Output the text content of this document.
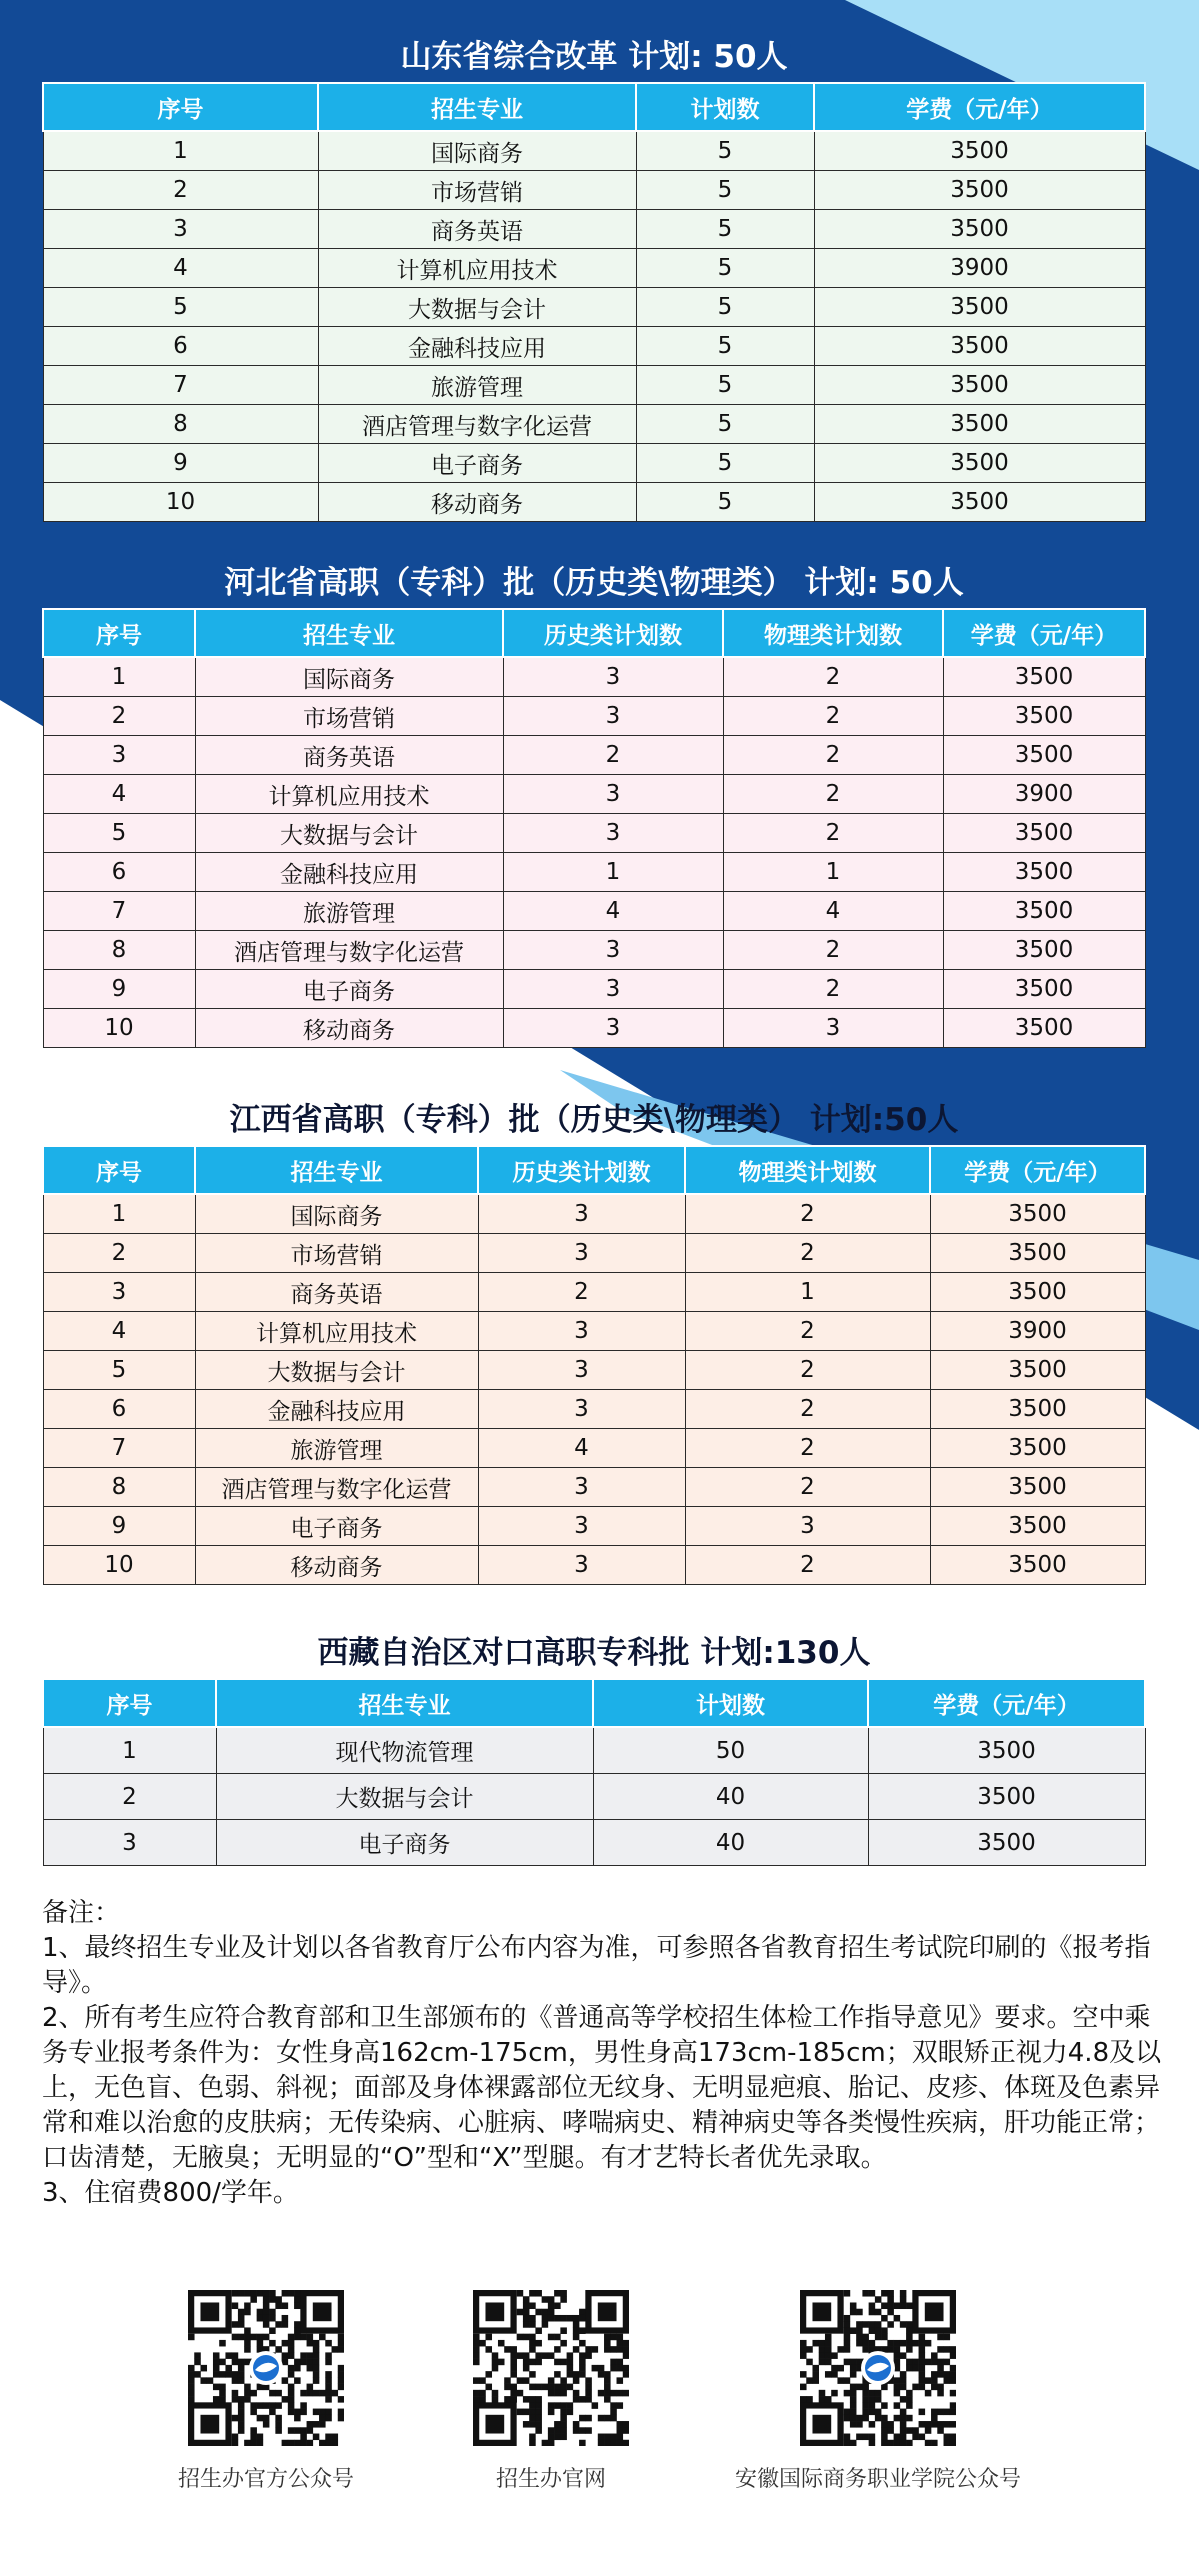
山东省综合改革 计划: 50人
序号	招生专业	计划数	学费（元/年）
1	国际商务	5	3500
2	市场营销	5	3500
3	商务英语	5	3500
4	计算机应用技术	5	3900
5	大数据与会计	5	3500
6	金融科技应用	5	3500
7	旅游管理	5	3500
8	酒店管理与数字化运营	5	3500
9	电子商务	5	3500
10	移动商务	5	3500
河北省高职（专科）批（历史类\物理类） 计划: 50人
序号	招生专业	历史类计划数	物理类计划数	学费（元/年）
1	国际商务	3	2	3500
2	市场营销	3	2	3500
3	商务英语	2	2	3500
4	计算机应用技术	3	2	3900
5	大数据与会计	3	2	3500
6	金融科技应用	1	1	3500
7	旅游管理	4	4	3500
8	酒店管理与数字化运营	3	2	3500
9	电子商务	3	2	3500
10	移动商务	3	3	3500
江西省高职（专科）批（历史类\物理类） 计划:50人
序号	招生专业	历史类计划数	物理类计划数	学费（元/年）
1	国际商务	3	2	3500
2	市场营销	3	2	3500
3	商务英语	2	1	3500
4	计算机应用技术	3	2	3900
5	大数据与会计	3	2	3500
6	金融科技应用	3	2	3500
7	旅游管理	4	2	3500
8	酒店管理与数字化运营	3	2	3500
9	电子商务	3	3	3500
10	移动商务	3	2	3500
西藏自治区对口高职专科批 计划:130人
序号	招生专业	计划数	学费（元/年）
1	现代物流管理	50	3500
2	大数据与会计	40	3500
3	电子商务	40	3500

备注：

1、最终招生专业及计划以各省教育厅公布内容为准，可参照各省教育招生考试院印刷的《报考指导》。

2、所有考生应符合教育部和卫生部颁布的《普通高等学校招生体检工作指导意见》要求。空中乘务专业报考条件为：女性身高162cm-175cm，男性身高173cm-185cm；双眼矫正视力4.8及以上，无色盲、色弱、斜视；面部及身体裸露部位无纹身、无明显疤痕、胎记、皮疹、体斑及色素异常和难以治愈的皮肤病；无传染病、心脏病、哮喘病史、精神病史等各类慢性疾病，肝功能正常；口齿清楚，无腋臭；无明显的“O”型和“X”型腿。有才艺特长者优先录取。

3、住宿费800/学年。

招生办官方公众号	招生办官网	安徽国际商务职业学院公众号
